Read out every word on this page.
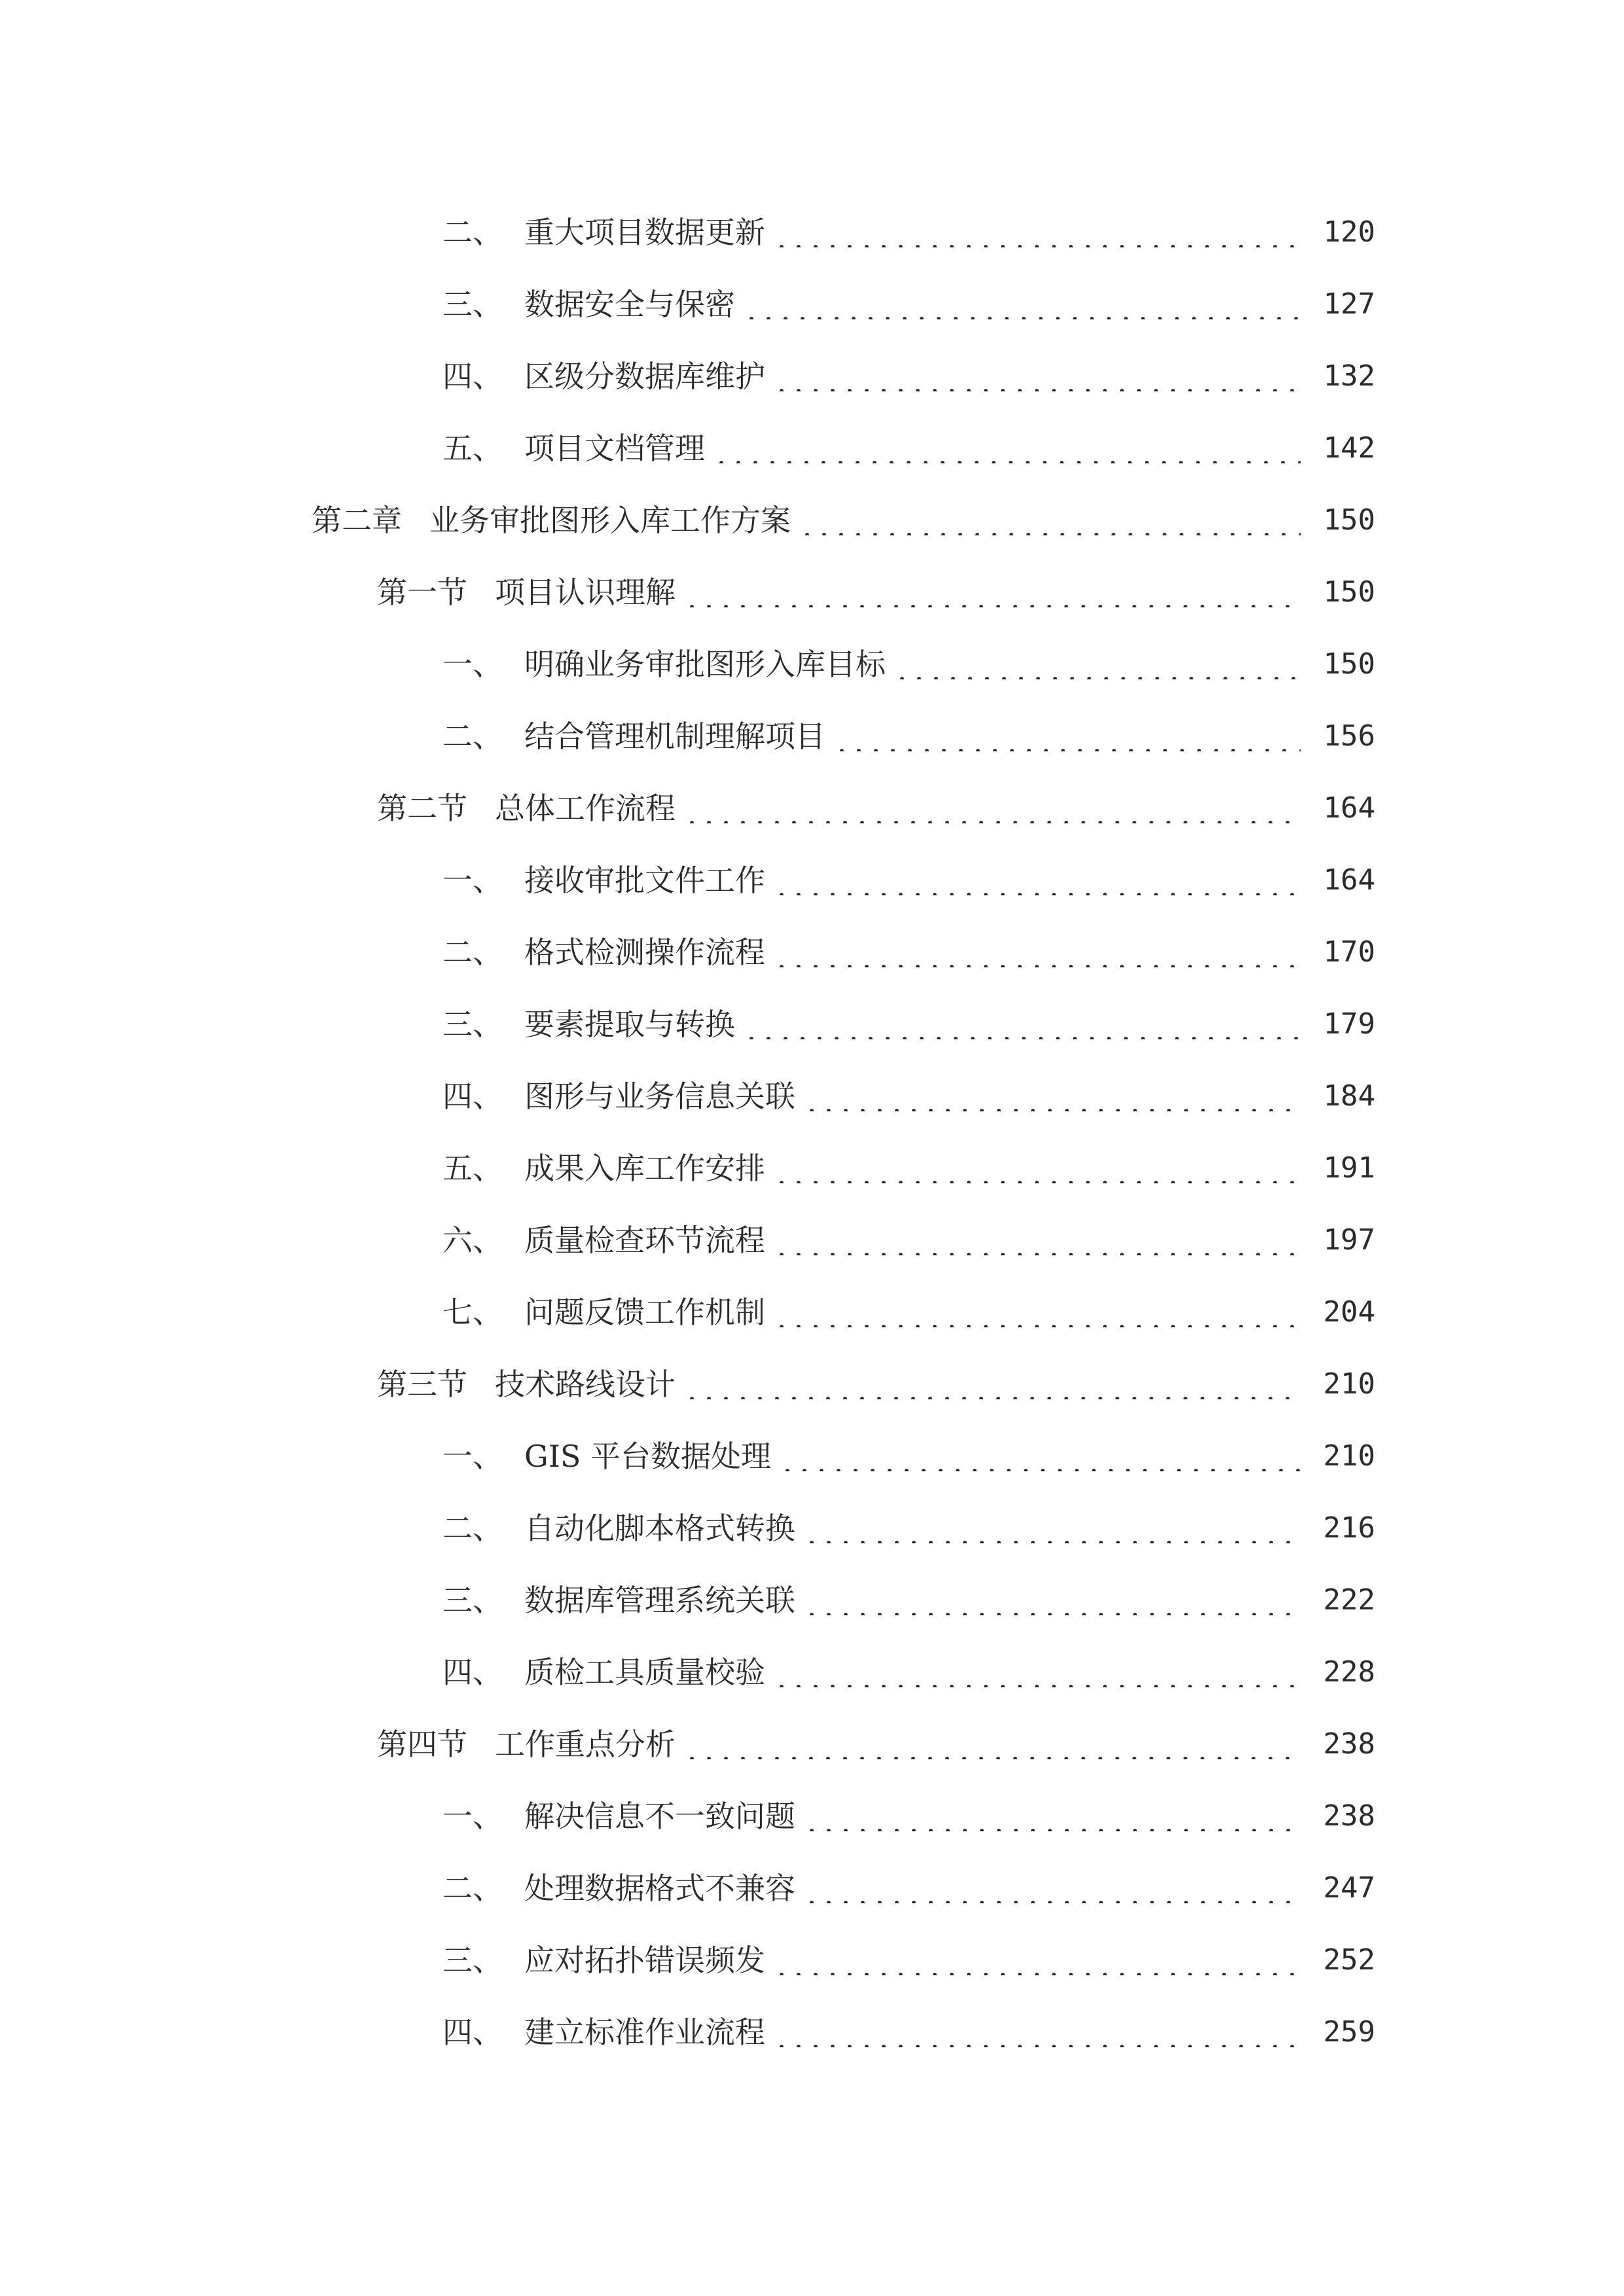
二、 重大项目数据更新	120
三、 数据安全与保密	127
四、 区级分数据库维护	132
五、 项目文档管理	142
第二章 业务审批图形入库工作方案	150
第一节 项目认识理解	150
一、 明确业务审批图形入库目标	150
二、 结合管理机制理解项目	156
第二节 总体工作流程	164
一、 接收审批文件工作	164
二、 格式检测操作流程	170
三、 要素提取与转换	179
四、 图形与业务信息关联	184
五、 成果入库工作安排	191
六、 质量检查环节流程	197
七、 问题反馈工作机制	204
第三节 技术路线设计	210
一、 GIS 平台数据处理	210
二、 自动化脚本格式转换	216
三、 数据库管理系统关联	222
四、 质检工具质量校验	228
第四节 工作重点分析	238
一、 解决信息不一致问题	238
二、 处理数据格式不兼容	247
三、 应对拓扑错误频发	252
四、 建立标准作业流程	259
